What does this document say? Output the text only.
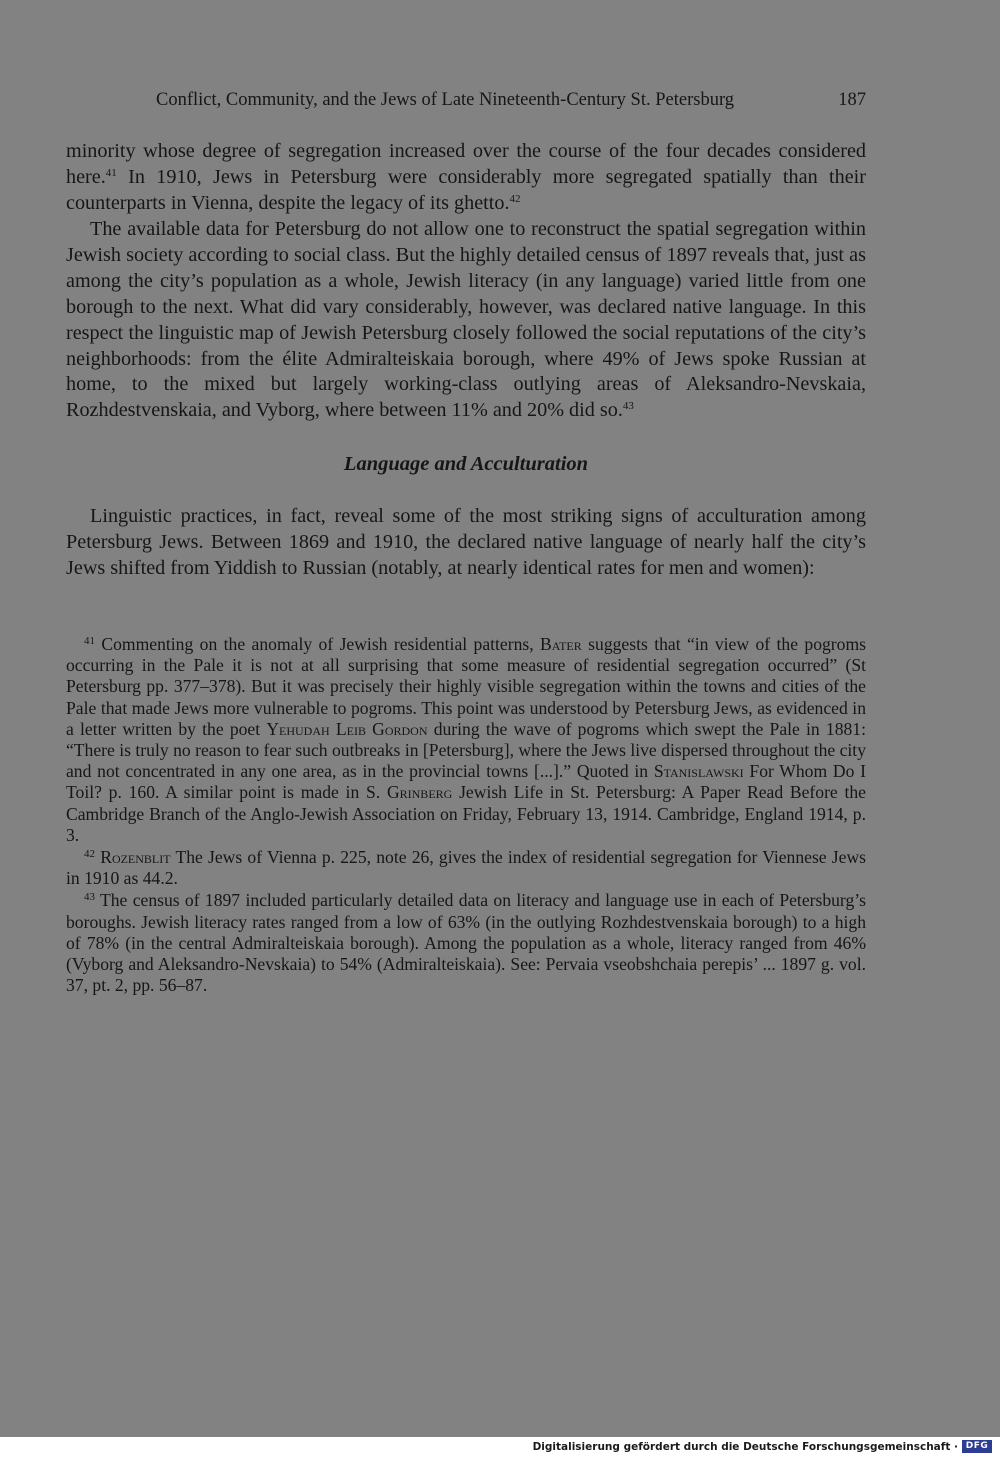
Conflict, Community, and the Jews of Late Nineteenth-Century St. Petersburg	187

minority whose degree of segregation increased over the course of the four decades considered here.$^{41}$ In 1910, Jews in Petersburg were considerably more segregated spatially than their counterparts in Vienna, despite the legacy of its ghetto.$^{42}$

The available data for Petersburg do not allow one to reconstruct the spatial segregation within Jewish society according to social class. But the highly detailed census of 1897 reveals that, just as among the city’s population as a whole, Jewish literacy (in any language) varied little from one borough to the next. What did vary considerably, however, was declared native language. In this respect the linguistic map of Jewish Petersburg closely followed the social reputations of the city’s neighborhoods: from the élite Admiralteiskaia borough, where 49% of Jews spoke Russian at home, to the mixed but largely working-class outlying areas of Aleksandro-Nevskaia, Rozhdestvenskaia, and Vyborg, where between 11% and 20% did so.$^{43}$

Language and Acculturation

Linguistic practices, in fact, reveal some of the most striking signs of acculturation among Petersburg Jews. Between 1869 and 1910, the declared native language of nearly half the city’s Jews shifted from Yiddish to Russian (notably, at nearly identical rates for men and women):

$^{41}$ Commenting on the anomaly of Jewish residential patterns, Bater suggests that “in view of the pogroms occurring in the Pale it is not at all surprising that some measure of residential segregation occurred” (St Petersburg pp. 377–378). But it was precisely their highly visible segregation within the towns and cities of the Pale that made Jews more vulnerable to pogroms. This point was understood by Petersburg Jews, as evidenced in a letter written by the poet Yehudah Leib Gordon during the wave of pogroms which swept the Pale in 1881: “There is truly no reason to fear such outbreaks in [Petersburg], where the Jews live dispersed throughout the city and not concentrated in any one area, as in the provincial towns [...].” Quoted in Stanislawski For Whom Do I Toil? p. 160. A similar point is made in S. Grinberg Jewish Life in St. Petersburg: A Paper Read Before the Cambridge Branch of the Anglo-Jewish Association on Friday, February 13, 1914. Cambridge, England 1914, p. 3.

$^{42}$ Rozenblit The Jews of Vienna p. 225, note 26, gives the index of residential segregation for Viennese Jews in 1910 as 44.2.

$^{43}$ The census of 1897 included particularly detailed data on literacy and language use in each of Petersburg’s boroughs. Jewish literacy rates ranged from a low of 63% (in the outlying Rozhdestvenskaia borough) to a high of 78% (in the central Admiralteiskaia borough). Among the population as a whole, literacy ranged from 46% (Vyborg and Aleksandro-Nevskaia) to 54% (Admiralteiskaia). See: Pervaia vseobshchaia perepis’ ... 1897 g. vol. 37, pt. 2, pp. 56–87.

Digitalisierung gefördert durch die Deutsche Forschungsgemeinschaft · DFG
